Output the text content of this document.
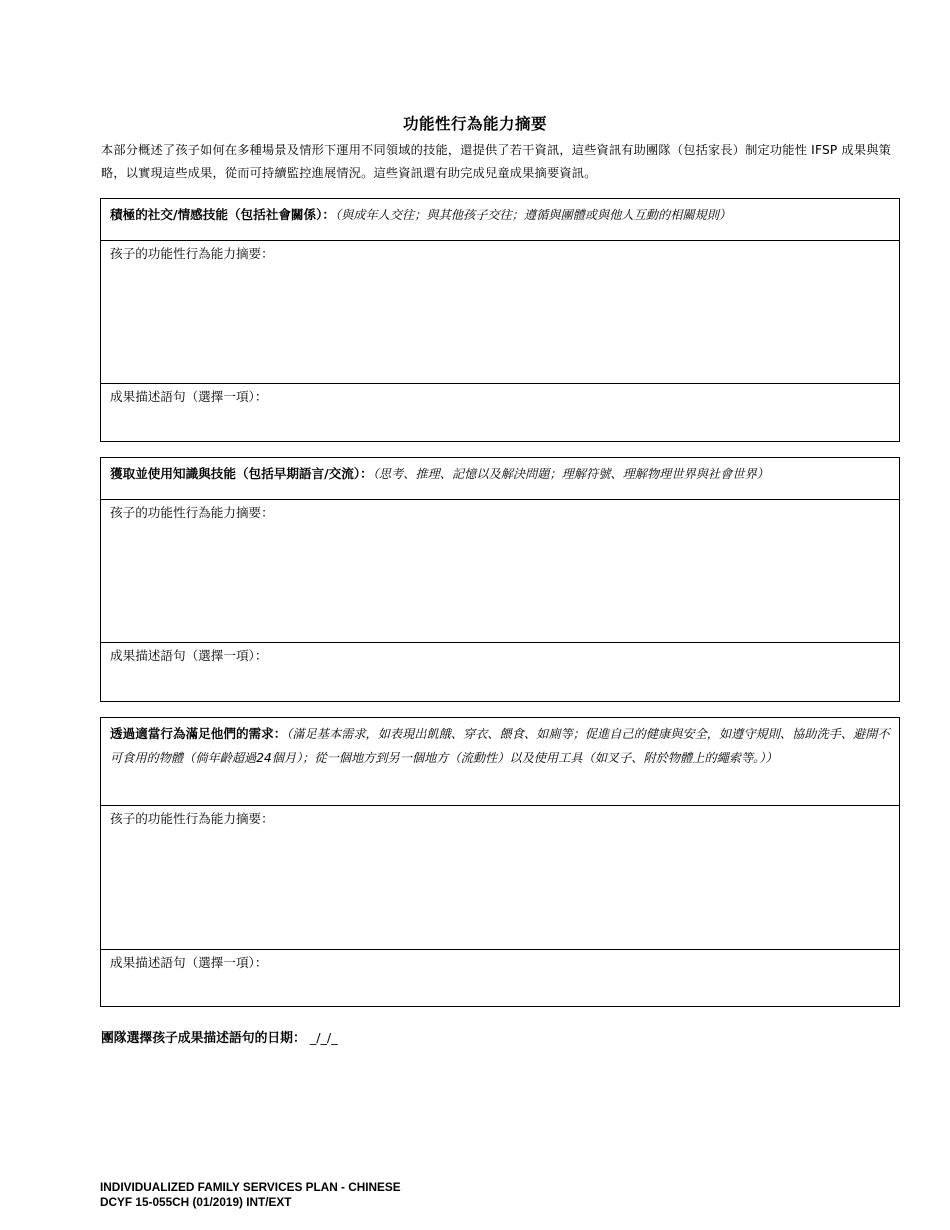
功能性行為能力摘要
本部分概述了孩子如何在多種場景及情形下運用不同領域的技能，還提供了若干資訊，這些資訊有助團隊（包括家長）制定功能性 IFSP 成果與策略，以實現這些成果，從而可持續監控進展情況。這些資訊還有助完成兒童成果摘要資訊。
積極的社交/情感技能（包括社會關係）：（與成年人交往；與其他孩子交往；遵循與團體或與他人互動的相關規則）
孩子的功能性行為能力摘要：
成果描述語句（選擇一項）：
獲取並使用知識與技能（包括早期語言/交流）：（思考、推理、記憶以及解決問題；理解符號、理解物理世界與社會世界）
孩子的功能性行為能力摘要：
成果描述語句（選擇一項）：
透過適當行為滿足他們的需求：（滿足基本需求，如表現出飢餓、穿衣、餵食、如廁等；促進自己的健康與安全，如遵守規則、協助洗手、避開不可食用的物體（倘年齡超過24個月）；從一個地方到另一個地方（流動性）以及使用工具（如叉子、附於物體上的繩索等。））
孩子的功能性行為能力摘要：
成果描述語句（選擇一項）：
團隊選擇孩子成果描述語句的日期： _/_/_
INDIVIDUALIZED FAMILY SERVICES PLAN - CHINESE
DCYF 15-055CH (01/2019) INT/EXT
